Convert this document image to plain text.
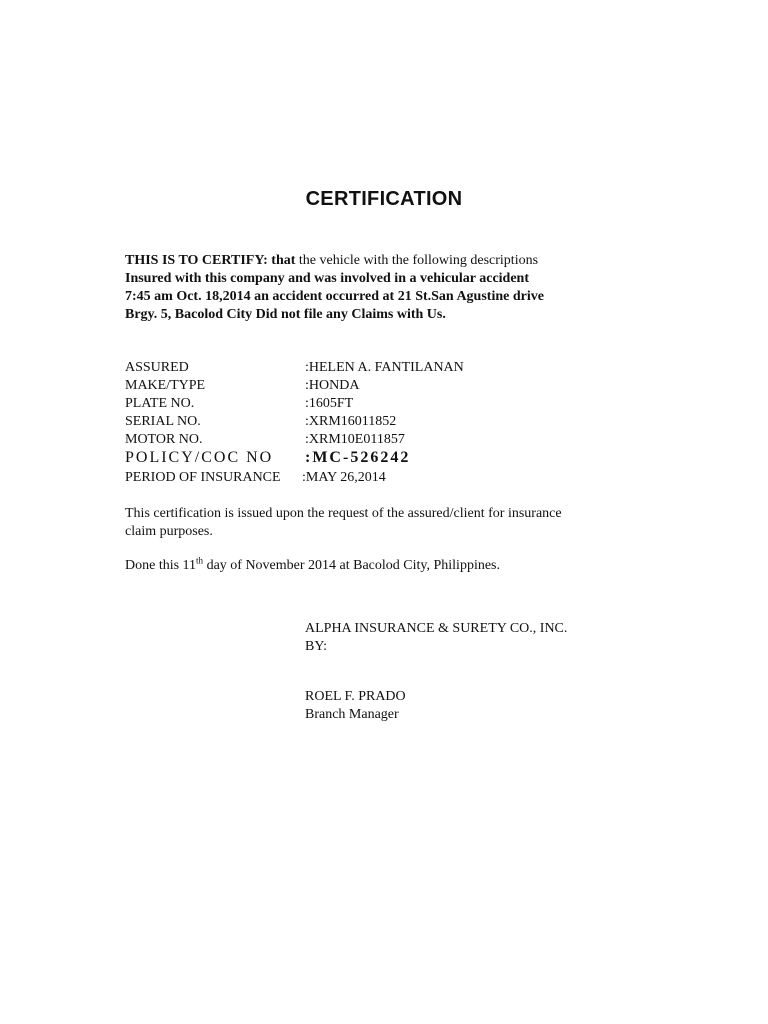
CERTIFICATION
THIS IS TO CERTIFY: that the vehicle with the following descriptions
Insured with this company and was involved in a vehicular accident
7:45 am Oct. 18,2014 an accident occurred at 21 St.San Agustine drive
Brgy. 5, Bacolod City Did not file any Claims with Us.
ASSURED	:HELEN A. FANTILANAN
MAKE/TYPE	:HONDA
PLATE NO.	:1605FT
SERIAL NO.	:XRM16011852
MOTOR NO.	:XRM10E011857
POLICY/COC NO :MC-526242
PERIOD OF INSURANCE :MAY 26,2014
This certification is issued upon the request of the assured/client for insurance
claim purposes.
Done this 11th day of November 2014 at Bacolod City, Philippines.
ALPHA INSURANCE & SURETY CO., INC.
BY:
ROEL F. PRADO
Branch Manager
